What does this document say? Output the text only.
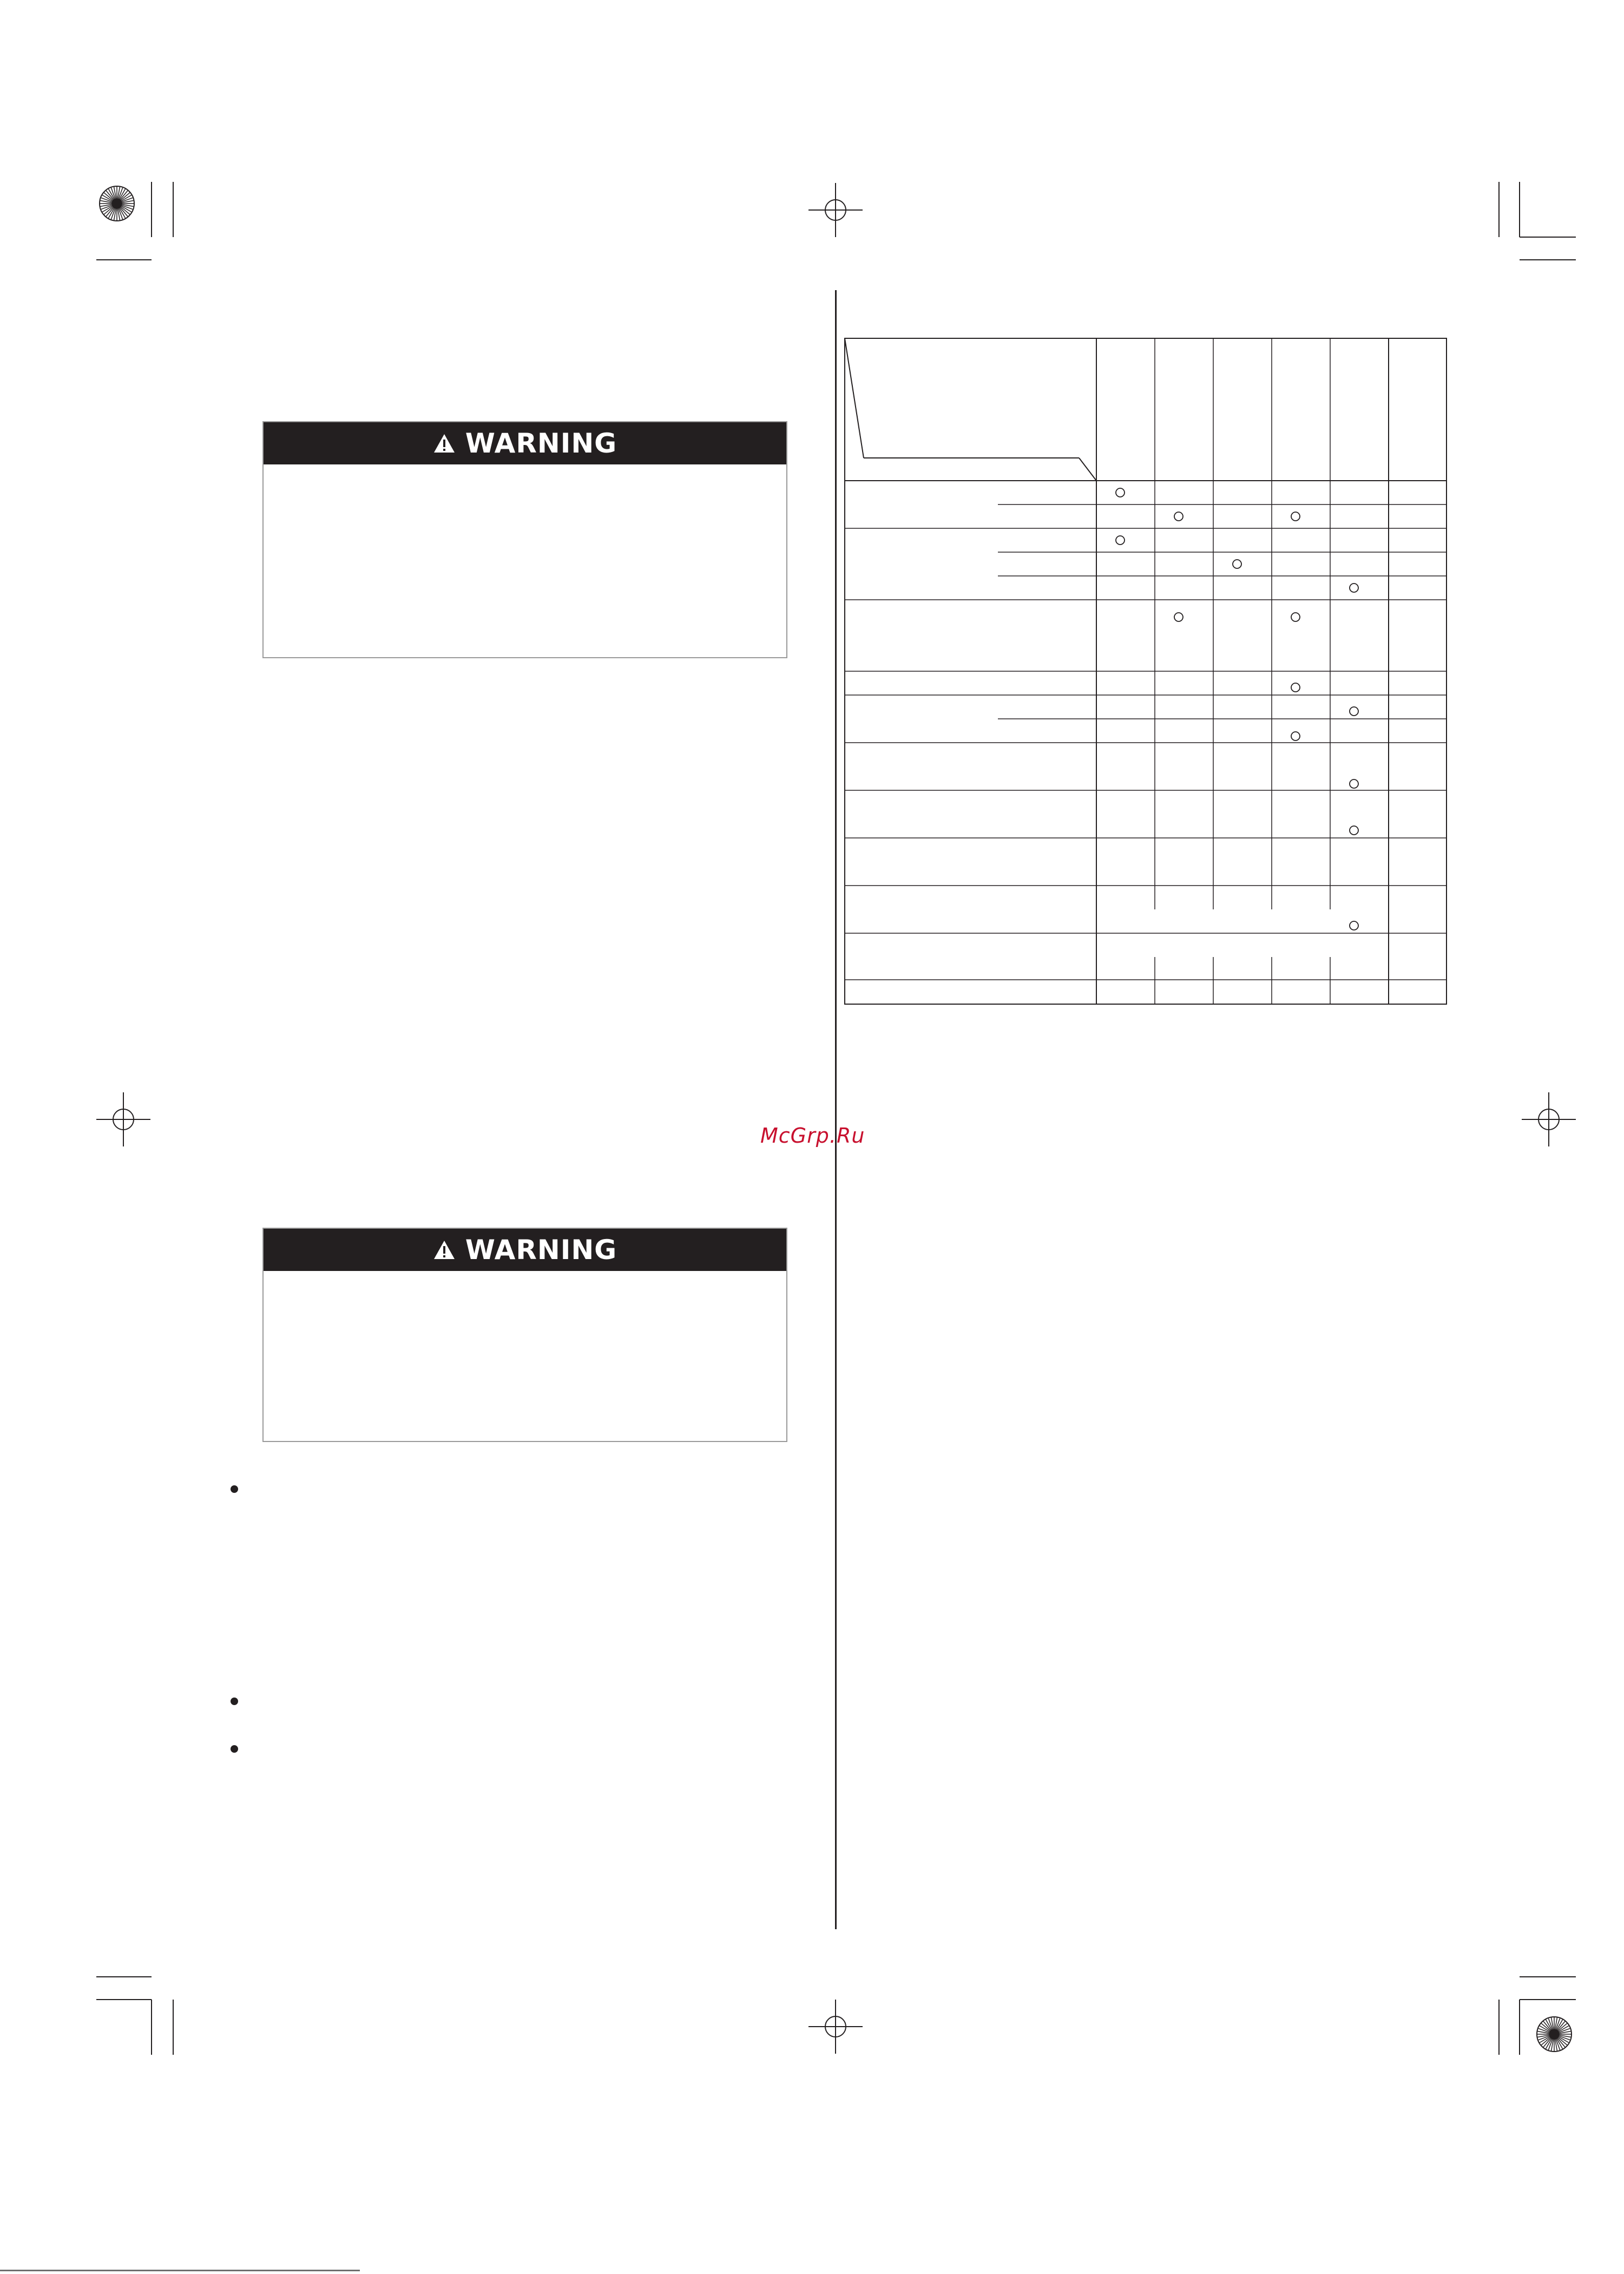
WARNING
WARNING
McGrp.Ru
